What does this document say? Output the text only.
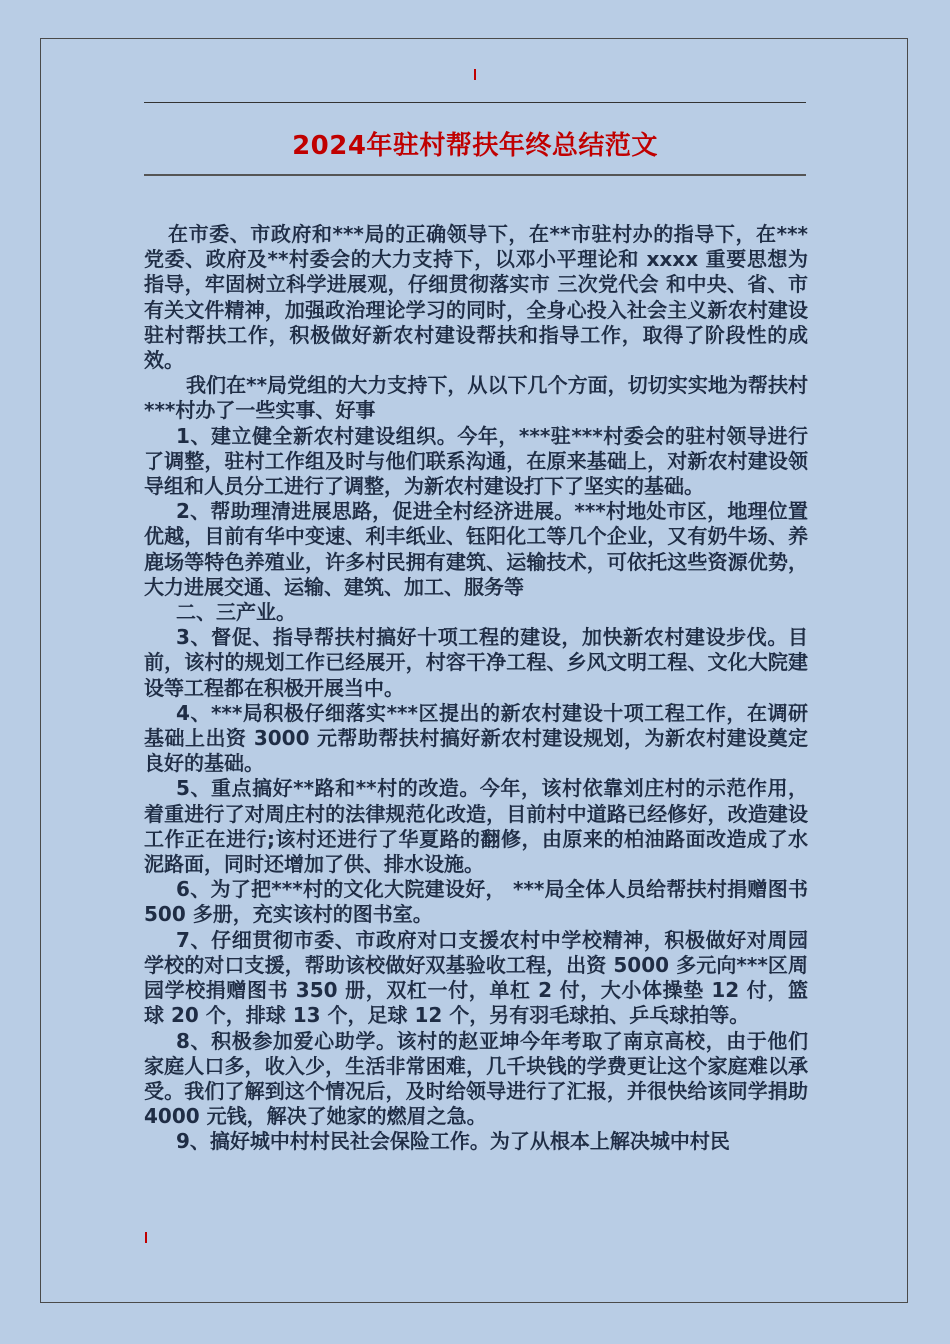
2024年驻村帮扶年终总结范文

在市委、市政府和***局的正确领导下，在**市驻村办的指导下，在***党委、政府及**村委会的大力支持下，以邓小平理论和 xxxx 重要思想为指导，牢固树立科学进展观，仔细贯彻落实市 三次党代会 和中央、省、市有关文件精神，加强政治理论学习的同时，全身心投入社会主义新农村建设驻村帮扶工作，积极做好新农村建设帮扶和指导工作，取得了阶段性的成效。

我们在**局党组的大力支持下，从以下几个方面，切切实实地为帮扶村***村办了一些实事、好事

1、建立健全新农村建设组织。今年，***驻***村委会的驻村领导进行了调整，驻村工作组及时与他们联系沟通，在原来基础上，对新农村建设领导组和人员分工进行了调整，为新农村建设打下了坚实的基础。

2、帮助理清进展思路，促进全村经济进展。***村地处市区，地理位置优越，目前有华中变速、利丰纸业、钰阳化工等几个企业，又有奶牛场、养鹿场等特色养殖业，许多村民拥有建筑、运输技术，可依托这些资源优势，大力进展交通、运输、建筑、加工、服务等

二、三产业。

3、督促、指导帮扶村搞好十项工程的建设，加快新农村建设步伐。目前，该村的规划工作已经展开，村容干净工程、乡风文明工程、文化大院建设等工程都在积极开展当中。

4、***局积极仔细落实***区提出的新农村建设十项工程工作，在调研基础上出资 3000 元帮助帮扶村搞好新农村建设规划，为新农村建设奠定良好的基础。

5、重点搞好**路和**村的改造。今年，该村依靠刘庄村的示范作用，着重进行了对周庄村的法律规范化改造，目前村中道路已经修好，改造建设工作正在进行;该村还进行了华夏路的翻修，由原来的柏油路面改造成了水泥路面，同时还增加了供、排水设施。

6、为了把***村的文化大院建设好， ***局全体人员给帮扶村捐赠图书 500 多册，充实该村的图书室。

7、仔细贯彻市委、市政府对口支援农村中学校精神，积极做好对周园学校的对口支援，帮助该校做好双基验收工程，出资 5000 多元向***区周园学校捐赠图书 350 册，双杠一付，单杠 2 付，大小体操垫 12 付，篮球 20 个，排球 13 个，足球 12 个，另有羽毛球拍、乒乓球拍等。

8、积极参加爱心助学。该村的赵亚坤今年考取了南京高校，由于他们家庭人口多，收入少，生活非常困难，几千块钱的学费更让这个家庭难以承受。我们了解到这个情况后，及时给领导进行了汇报，并很快给该同学捐助 4000 元钱，解决了她家的燃眉之急。

9、搞好城中村村民社会保险工作。为了从根本上解决城中村民
